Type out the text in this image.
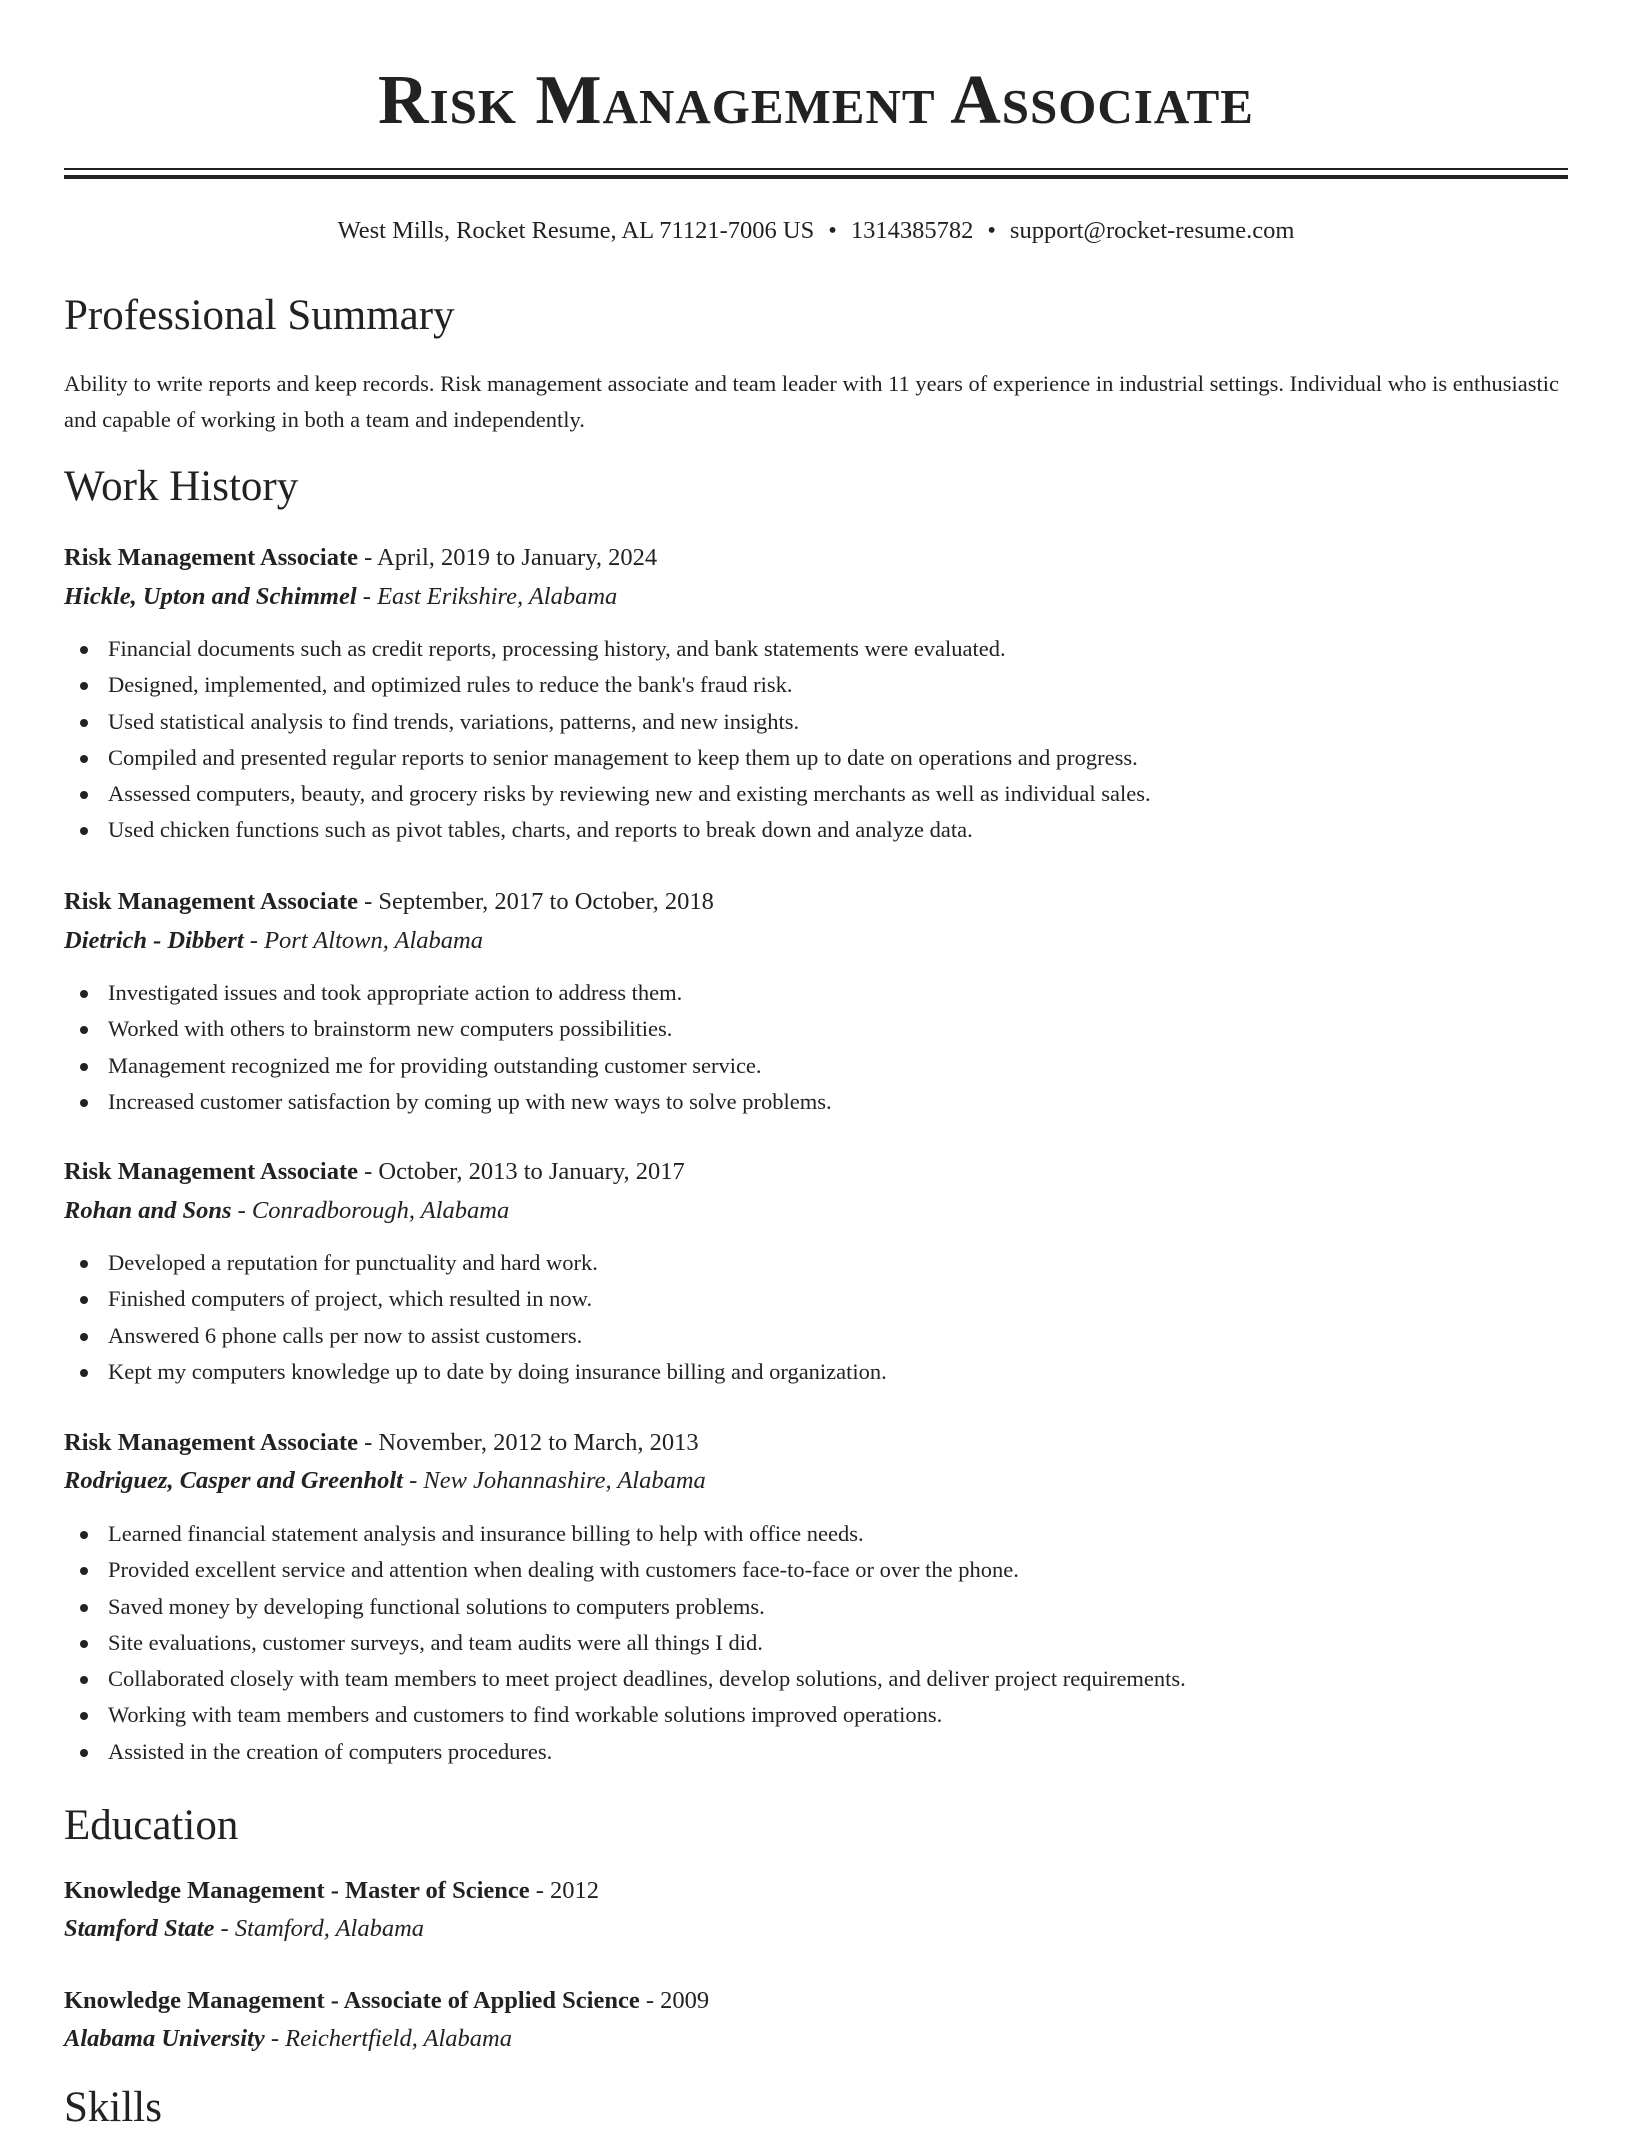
Risk Management Associate
West Mills, Rocket Resume, AL 71121-7006 US • 1314385782 • support@rocket-resume.com
Professional Summary
Ability to write reports and keep records. Risk management associate and team leader with 11 years of experience in industrial settings. Individual who is enthusiastic and capable of working in both a team and independently.
Work History
Risk Management Associate - April, 2019 to January, 2024
Hickle, Upton and Schimmel - East Erikshire, Alabama
Financial documents such as credit reports, processing history, and bank statements were evaluated.
Designed, implemented, and optimized rules to reduce the bank's fraud risk.
Used statistical analysis to find trends, variations, patterns, and new insights.
Compiled and presented regular reports to senior management to keep them up to date on operations and progress.
Assessed computers, beauty, and grocery risks by reviewing new and existing merchants as well as individual sales.
Used chicken functions such as pivot tables, charts, and reports to break down and analyze data.
Risk Management Associate - September, 2017 to October, 2018
Dietrich - Dibbert - Port Altown, Alabama
Investigated issues and took appropriate action to address them.
Worked with others to brainstorm new computers possibilities.
Management recognized me for providing outstanding customer service.
Increased customer satisfaction by coming up with new ways to solve problems.
Risk Management Associate - October, 2013 to January, 2017
Rohan and Sons - Conradborough, Alabama
Developed a reputation for punctuality and hard work.
Finished computers of project, which resulted in now.
Answered 6 phone calls per now to assist customers.
Kept my computers knowledge up to date by doing insurance billing and organization.
Risk Management Associate - November, 2012 to March, 2013
Rodriguez, Casper and Greenholt - New Johannashire, Alabama
Learned financial statement analysis and insurance billing to help with office needs.
Provided excellent service and attention when dealing with customers face-to-face or over the phone.
Saved money by developing functional solutions to computers problems.
Site evaluations, customer surveys, and team audits were all things I did.
Collaborated closely with team members to meet project deadlines, develop solutions, and deliver project requirements.
Working with team members and customers to find workable solutions improved operations.
Assisted in the creation of computers procedures.
Education
Knowledge Management - Master of Science - 2012
Stamford State - Stamford, Alabama
Knowledge Management - Associate of Applied Science - 2009
Alabama University - Reichertfield, Alabama
Skills
